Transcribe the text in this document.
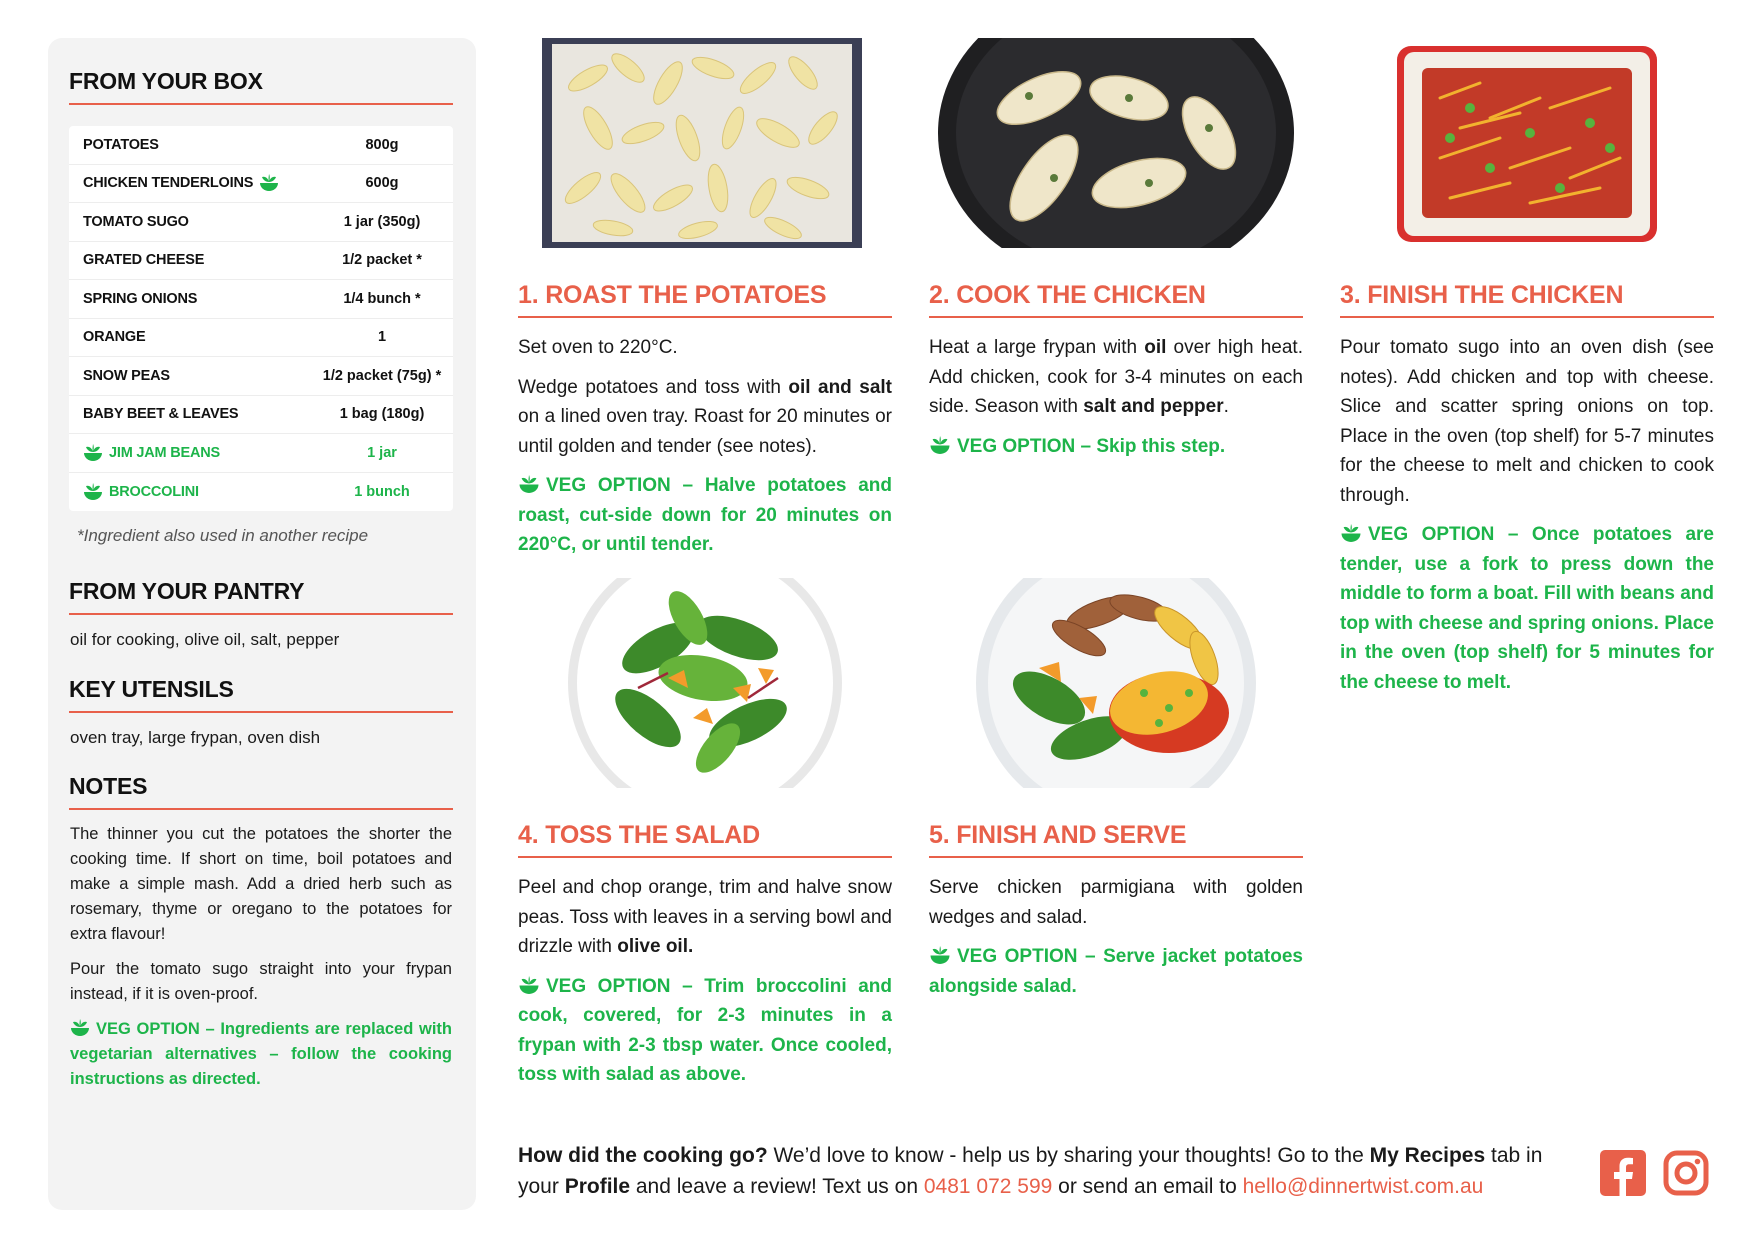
FROM YOUR BOX
POTATOES	800g
CHICKEN TENDERLOINS	600g
TOMATO SUGO	1 jar (350g)
GRATED CHEESE	1/2 packet *
SPRING ONIONS	1/4 bunch *
ORANGE	1
SNOW PEAS	1/2 packet (75g) *
BABY BEET & LEAVES	1 bag (180g)
JIM JAM BEANS	1 jar
BROCCOLINI	1 bunch
*Ingredient also used in another recipe
FROM YOUR PANTRY
oil for cooking, olive oil, salt, pepper
KEY UTENSILS
oven tray, large frypan, oven dish
NOTES

The thinner you cut the potatoes the shorter the cooking time. If short on time, boil potatoes and make a simple mash. Add a dried herb such as rosemary, thyme or oregano to the potatoes for extra flavour!

Pour the tomato sugo straight into your frypan instead, if it is oven-proof.

VEG OPTION – Ingredients are replaced with vegetarian alternatives – follow the cooking instructions as directed.

1. ROAST THE POTATOES

Set oven to 220°C.

Wedge potatoes and toss with oil and salt on a lined oven tray. Roast for 20 minutes or until golden and tender (see notes).

VEG OPTION – Halve potatoes and roast, cut-side down for 20 minutes on 220°C, or until tender.

2. COOK THE CHICKEN

Heat a large frypan with oil over high heat. Add chicken, cook for 3-4 minutes on each side. Season with salt and pepper.

VEG OPTION – Skip this step.

3. FINISH THE CHICKEN

Pour tomato sugo into an oven dish (see notes). Add chicken and top with cheese. Slice and scatter spring onions on top. Place in the oven (top shelf) for 5-7 minutes for the cheese to melt and chicken to cook through.

VEG OPTION – Once potatoes are tender, use a fork to press down the middle to form a boat. Fill with beans and top with cheese and spring onions. Place in the oven (top shelf) for 5 minutes for the cheese to melt.

4. TOSS THE SALAD

Peel and chop orange, trim and halve snow peas. Toss with leaves in a serving bowl and drizzle with olive oil.

VEG OPTION – Trim broccolini and cook, covered, for 2-3 minutes in a frypan with 2-3 tbsp water. Once cooled, toss with salad as above.

5. FINISH AND SERVE

Serve chicken parmigiana with golden wedges and salad.

VEG OPTION – Serve jacket potatoes alongside salad.

How did the cooking go? We’d love to know - help us by sharing your thoughts! Go to the My Recipes tab in your Profile and leave a review! Text us on 0481 072 599 or send an email to hello@dinnertwist.com.au
